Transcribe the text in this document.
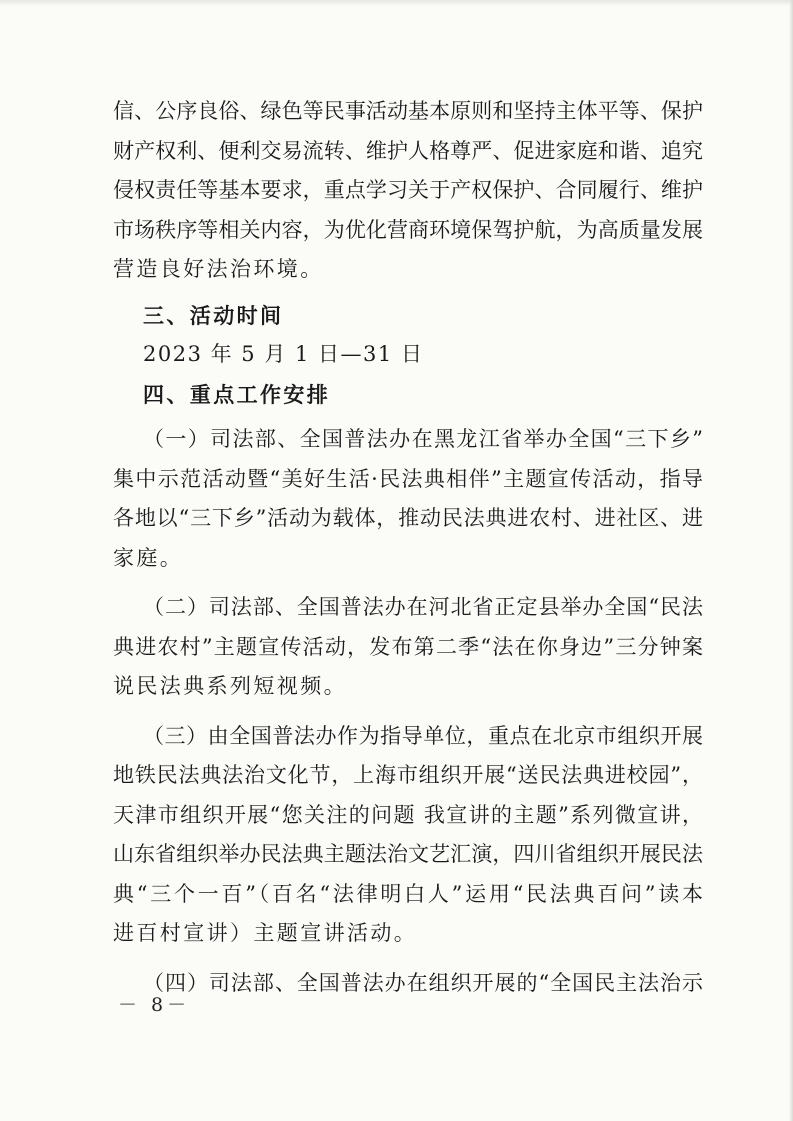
信、公序良俗、绿色等民事活动基本原则和坚持主体平等、保护
财产权利、便利交易流转、维护人格尊严、促进家庭和谐、追究
侵权责任等基本要求，重点学习关于产权保护、合同履行、维护
市场秩序等相关内容，为优化营商环境保驾护航，为高质量发展
营造良好法治环境。
三、活动时间
2023 年 5 月 1 日—31 日
四、重点工作安排
（一）司法部、全国普法办在黑龙江省举办全国“三下乡”
集中示范活动暨“美好生活·民法典相伴”主题宣传活动，指导
各地以“三下乡”活动为载体，推动民法典进农村、进社区、进
家庭。
（二）司法部、全国普法办在河北省正定县举办全国“民法
典进农村”主题宣传活动，发布第二季“法在你身边”三分钟案
说民法典系列短视频。
（三）由全国普法办作为指导单位，重点在北京市组织开展
地铁民法典法治文化节，上海市组织开展“送民法典进校园”，
天津市组织开展“您关注的问题 我宣讲的主题”系列微宣讲，
山东省组织举办民法典主题法治文艺汇演，四川省组织开展民法
典“三个一百”（百名“法律明白人”运用“民法典百问”读本
进百村宣讲）主题宣讲活动。
（四）司法部、全国普法办在组织开展的“全国民主法治示
－ 8－
